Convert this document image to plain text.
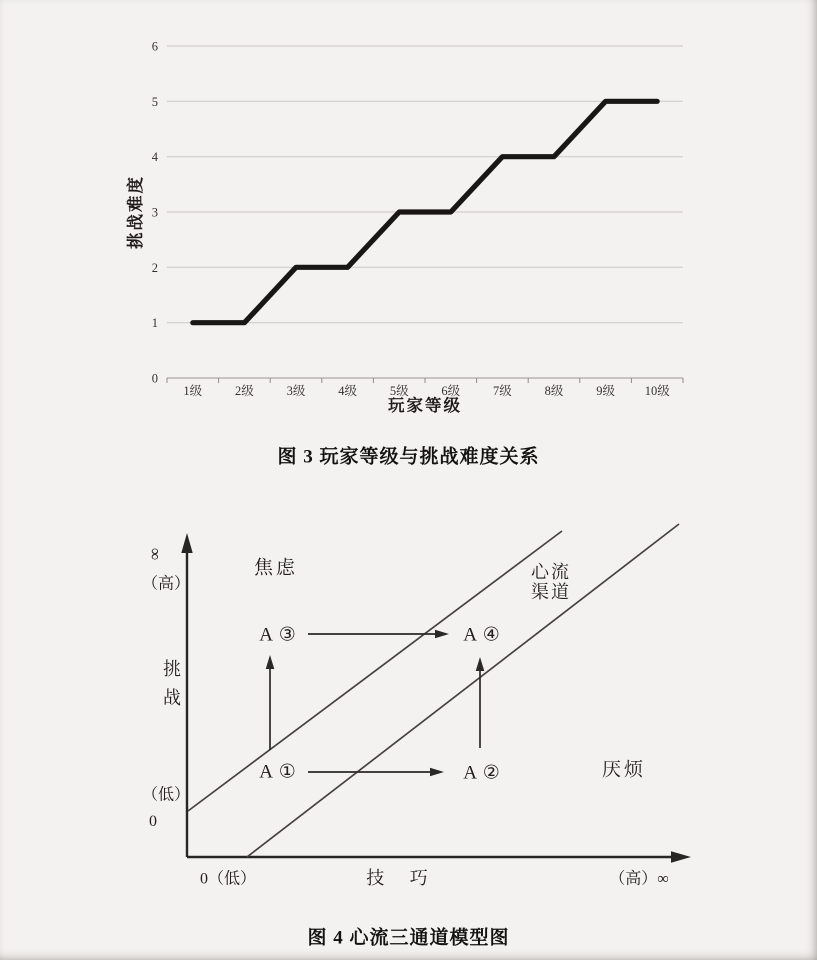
0
1
2
3
4
5
6
1级	2级	3级	4级	5级	6级	7级	8级	9级 10级
挑战难度
玩家等级
图 3 玩家等级与挑战难度关系
∞
（高）
挑
战
（低）
0
焦虑	心流
渠道
厌烦
A ③	A ④
A ①	A ②
0（低）	技 巧	（高）∞
图 4 心流三通道模型图
